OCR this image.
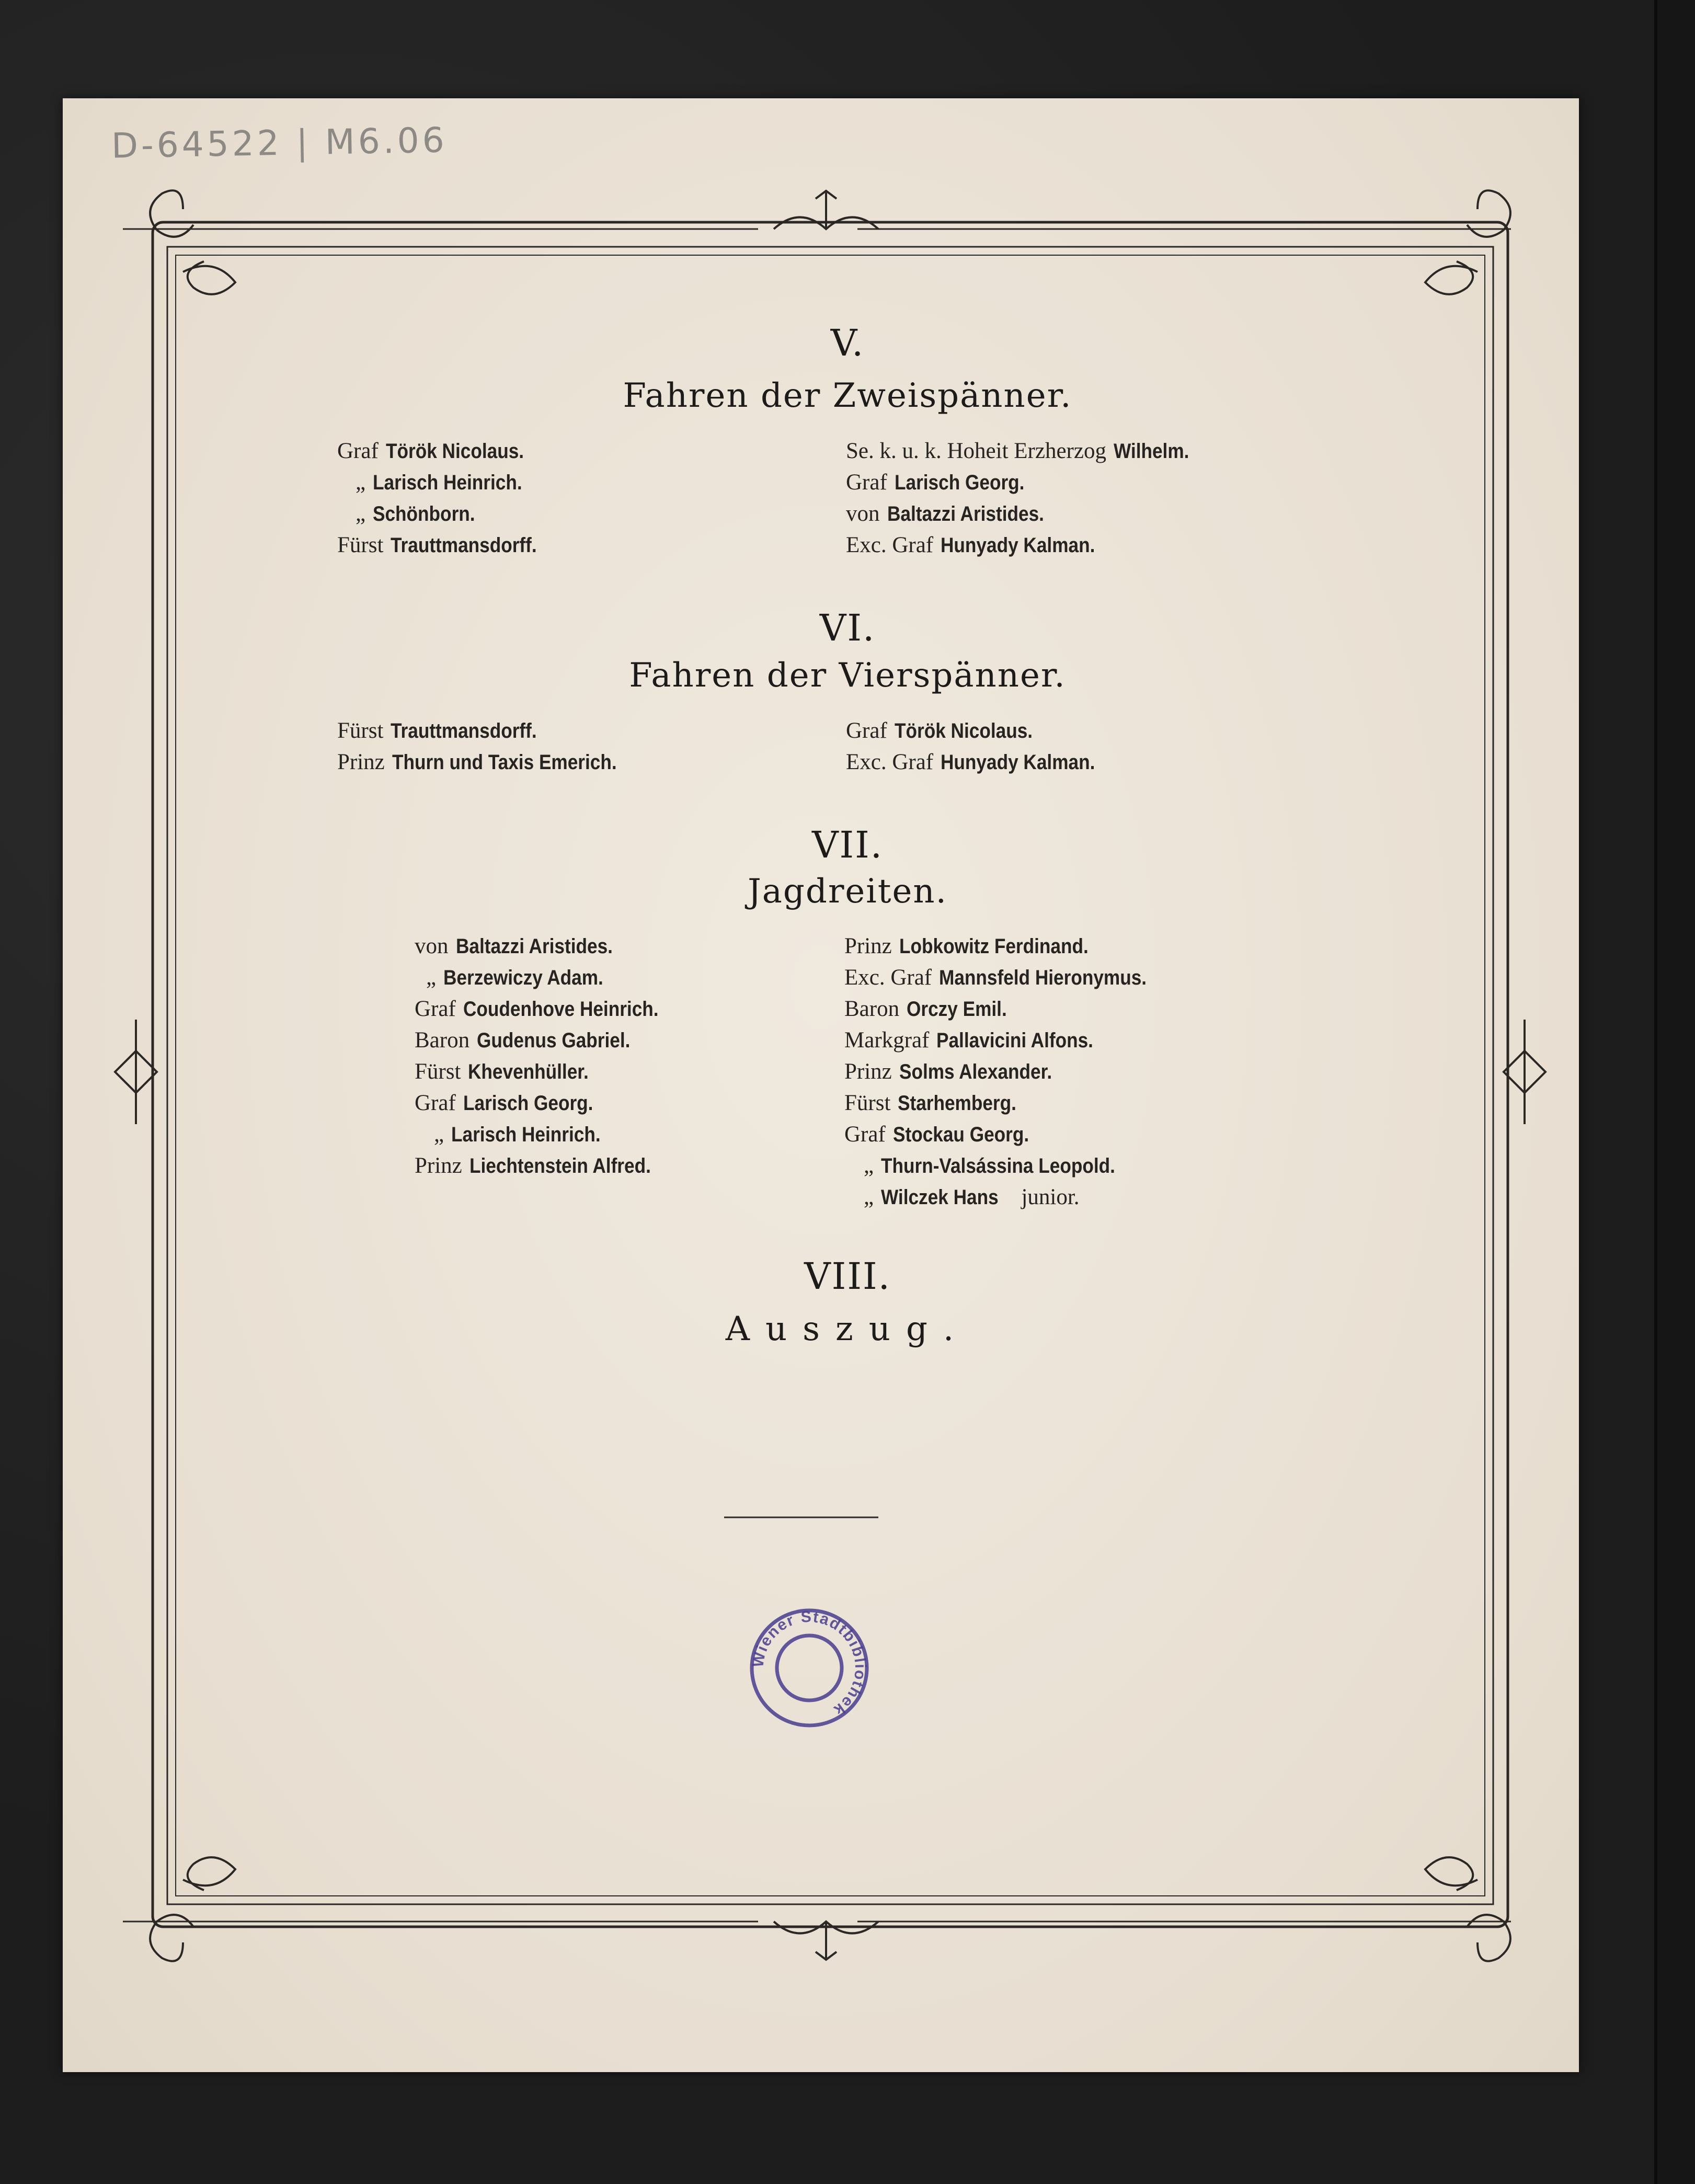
D-64522 | M6.06
V.
Fahren der Zweispänner.
Graf Török Nicolaus.
„ Larisch Heinrich.
„ Schönborn.
Fürst Trauttmansdorff.
Se. k. u. k. Hoheit Erzherzog Wilhelm.
Graf Larisch Georg.
von Baltazzi Aristides.
Exc. Graf Hunyady Kalman.
VI.
Fahren der Vierspänner.
Fürst Trauttmansdorff.
Prinz Thurn und Taxis Emerich.
Graf Török Nicolaus.
Exc. Graf Hunyady Kalman.
VII.
Jagdreiten.
von Baltazzi Aristides.
„ Berzewiczy Adam.
Graf Coudenhove Heinrich.
Baron Gudenus Gabriel.
Fürst Khevenhüller.
Graf Larisch Georg.
„ Larisch Heinrich.
Prinz Liechtenstein Alfred.
Prinz Lobkowitz Ferdinand.
Exc. Graf Mannsfeld Hieronymus.
Baron Orczy Emil.
Markgraf Pallavicini Alfons.
Prinz Solms Alexander.
Fürst Starhemberg.
Graf Stockau Georg.
„ Thurn-Valsássina Leopold.
„ Wilczek Hans junior.
VIII.
Auszug.
Wiener Stadtbibliothek
